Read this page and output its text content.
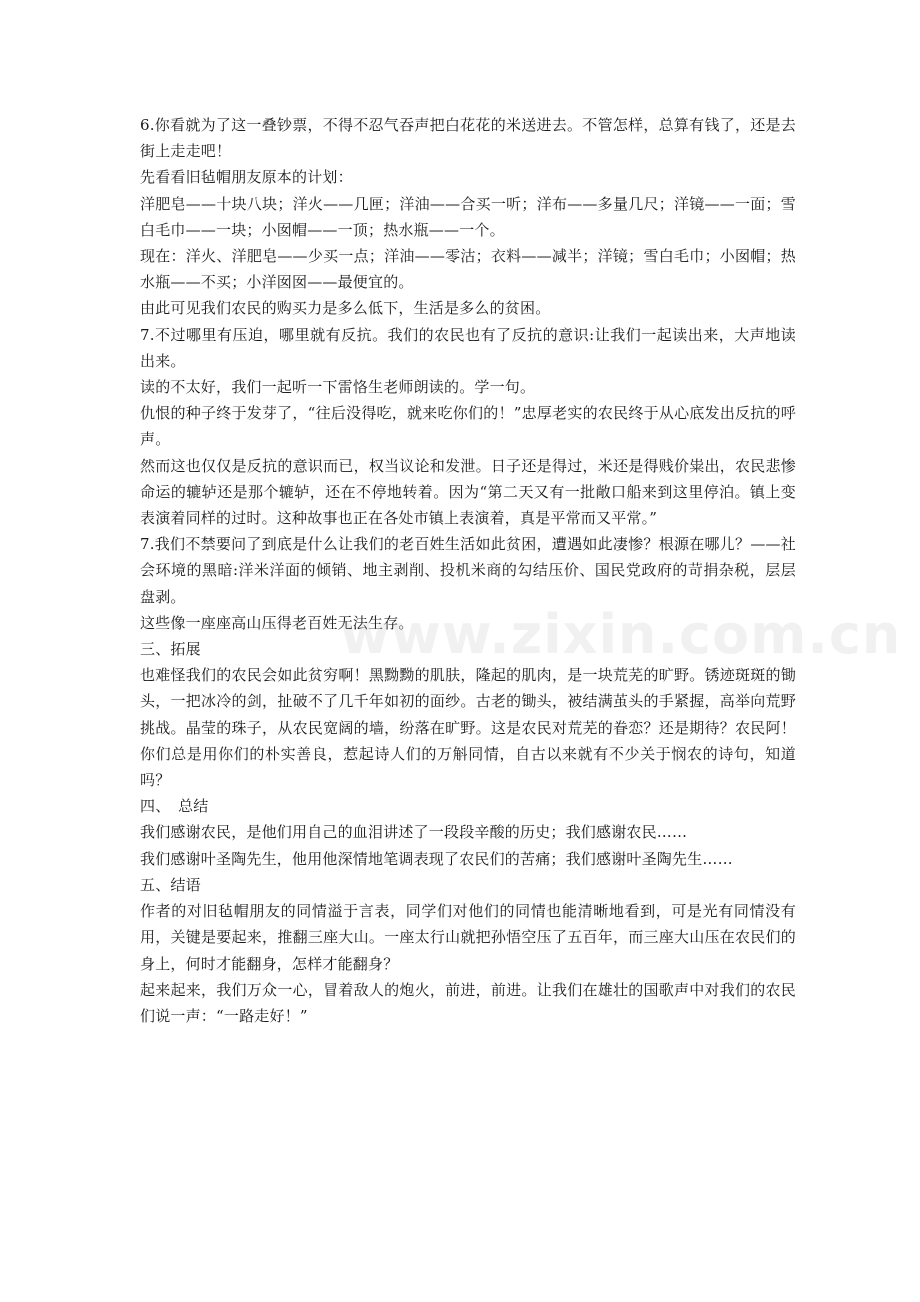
6.你看就为了这一叠钞票，不得不忍气吞声把白花花的米送进去。不管怎样，总算有钱了，还是去街上走走吧！

先看看旧毡帽朋友原本的计划：

洋肥皂——十块八块；洋火——几匣；洋油——合买一听；洋布——多量几尺；洋镜——一面；雪白毛巾——一块；小囡帽——一顶；热水瓶——一个。

现在：洋火、洋肥皂——少买一点；洋油——零沽；衣料——减半；洋镜；雪白毛巾；小囡帽；热水瓶——不买；小洋囡囡——最便宜的。

由此可见我们农民的购买力是多么低下，生活是多么的贫困。

7.不过哪里有压迫，哪里就有反抗。我们的农民也有了反抗的意识:让我们一起读出来，大声地读出来。

读的不太好，我们一起听一下雷恪生老师朗读的。学一句。

仇恨的种子终于发芽了，“往后没得吃，就来吃你们的！”忠厚老实的农民终于从心底发出反抗的呼声。

然而这也仅仅是反抗的意识而已，权当议论和发泄。日子还是得过，米还是得贱价粜出，农民悲惨命运的辘轳还是那个辘轳，还在不停地转着。因为“第二天又有一批敞口船来到这里停泊。镇上变表演着同样的过时。这种故事也正在各处市镇上表演着，真是平常而又平常。”

7.我们不禁要问了到底是什么让我们的老百姓生活如此贫困，遭遇如此凄惨？根源在哪儿？——社会环境的黑暗:洋米洋面的倾销、地主剥削、投机米商的勾结压价、国民党政府的苛捐杂税，层层盘剥。

这些像一座座高山压得老百姓无法生存。

三、拓展

也难怪我们的农民会如此贫穷啊！黑黝黝的肌肤，隆起的肌肉，是一块荒芜的旷野。锈迹斑斑的锄头，一把冰冷的剑，扯破不了几千年如初的面纱。古老的锄头，被结满茧头的手紧握，高举向荒野挑战。晶莹的珠子，从农民宽阔的墙，纷落在旷野。这是农民对荒芜的眷恋？还是期待？农民阿！你们总是用你们的朴实善良，惹起诗人们的万斛同情，自古以来就有不少关于悯农的诗句，知道吗？

四、　总结

我们感谢农民，是他们用自己的血泪讲述了一段段辛酸的历史；我们感谢农民……

我们感谢叶圣陶先生，他用他深情地笔调表现了农民们的苦痛；我们感谢叶圣陶先生……

五、结语

作者的对旧毡帽朋友的同情溢于言表，同学们对他们的同情也能清晰地看到，可是光有同情没有用，关键是要起来，推翻三座大山。一座太行山就把孙悟空压了五百年，而三座大山压在农民们的身上，何时才能翻身，怎样才能翻身？

起来起来，我们万众一心，冒着敌人的炮火，前进，前进。让我们在雄壮的国歌声中对我们的农民们说一声：“一路走好！”

www.zixin.com.cn
